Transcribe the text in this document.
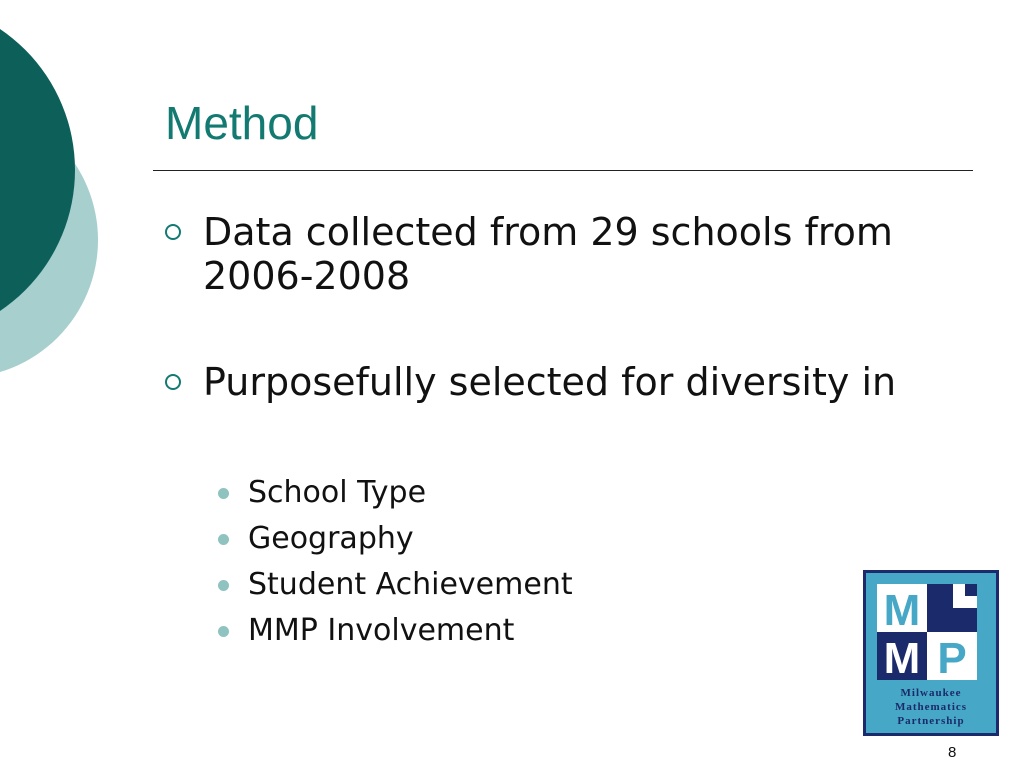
Method
Data collected from 29 schools from 2006-2008
Purposefully selected for diversity in
School Type
Geography
Student Achievement
MMP Involvement	M
M P
Milwaukee
Mathematics
Partnership
8
